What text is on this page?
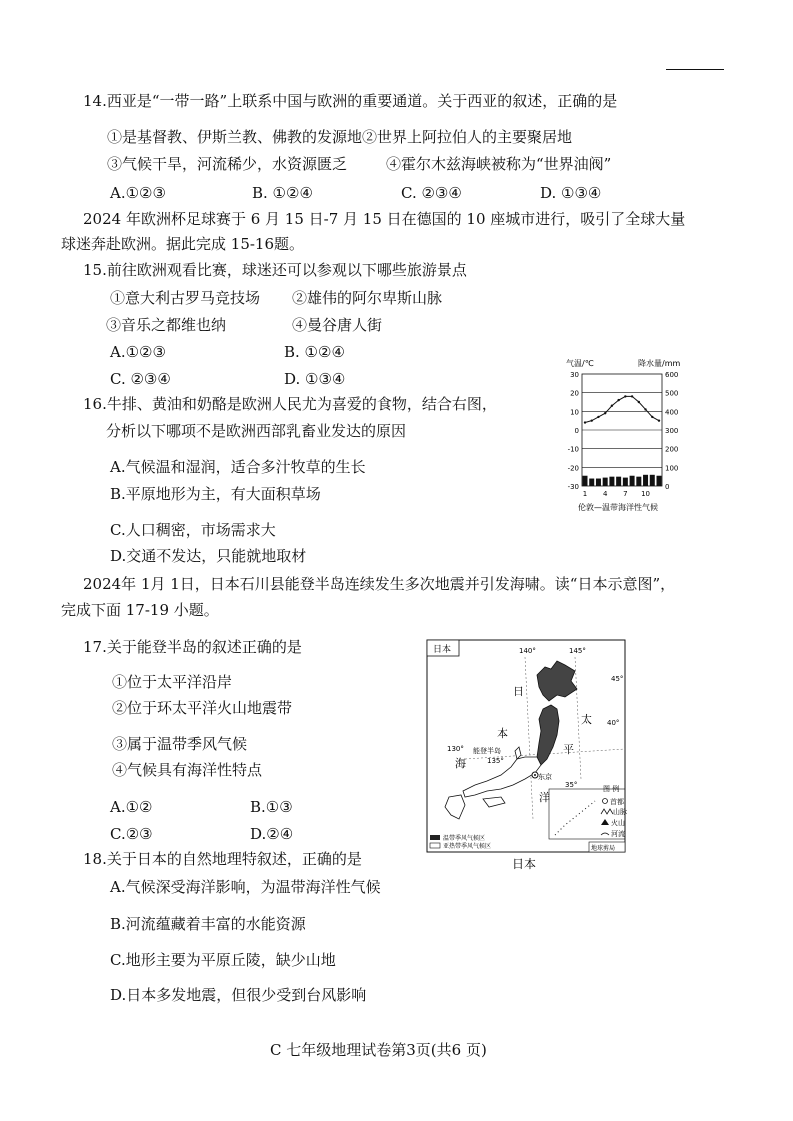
14.西亚是“一带一路”上联系中国与欧洲的重要通道。关于西亚的叙述，正确的是
①是基督教、伊斯兰教、佛教的发源地②世界上阿拉伯人的主要聚居地
③气候干旱，河流稀少，水资源匮乏	④霍尔木兹海峡被称为“世界油阀”
A.①②③	B. ①②④	C. ②③④	D. ①③④
2024 年欧洲杯足球赛于 6 月 15 日-7 月 15 日在德国的 10 座城市进行，吸引了全球大量
球迷奔赴欧洲。据此完成 15-16题。
15.前往欧洲观看比赛，球迷还可以参观以下哪些旅游景点
①意大利古罗马竞技场 ②雄伟的阿尔卑斯山脉
③音乐之都维也纳	④曼谷唐人街
A.①②③	B. ①②④
C. ②③④	D. ①③④
16.牛排、黄油和奶酪是欧洲人民尤为喜爱的食物，结合右图，
分析以下哪项不是欧洲西部乳畜业发达的原因
A.气候温和湿润，适合多汁牧草的生长
B.平原地形为主，有大面积草场
C.人口稠密，市场需求大
D.交通不发达，只能就地取材
气温/℃	降水量/mm
30
20
10
0
-10
-20
-30
600
500
400
300
200
100
0
1 4 7 10
伦敦—温带海洋性气候
2024年 1月 1日，日本石川县能登半岛连续发生多次地震并引发海啸。读“日本示意图”，
完成下面 17-19 小题。
17.关于能登半岛的叙述正确的是
①位于太平洋沿岸
②位于环太平洋火山地震带
③属于温带季风气候
④气候具有海洋性特点
A.①②	B.①③
C.②③	D.②④
日本	140°	145°
45°
40°
130°
135°
35°
东京
能登半岛
日
本
海
太
平
洋
图 例
首都
山脉
火山
河流
温带季风气候区
亚热带季风气候区	地球剪局
日本
18.关于日本的自然地理特叙述，正确的是
A.气候深受海洋影响，为温带海洋性气候
B.河流蕴藏着丰富的水能资源
C.地形主要为平原丘陵，缺少山地
D.日本多发地震，但很少受到台风影响
C 七年级地理试卷第3页(共6 页)
